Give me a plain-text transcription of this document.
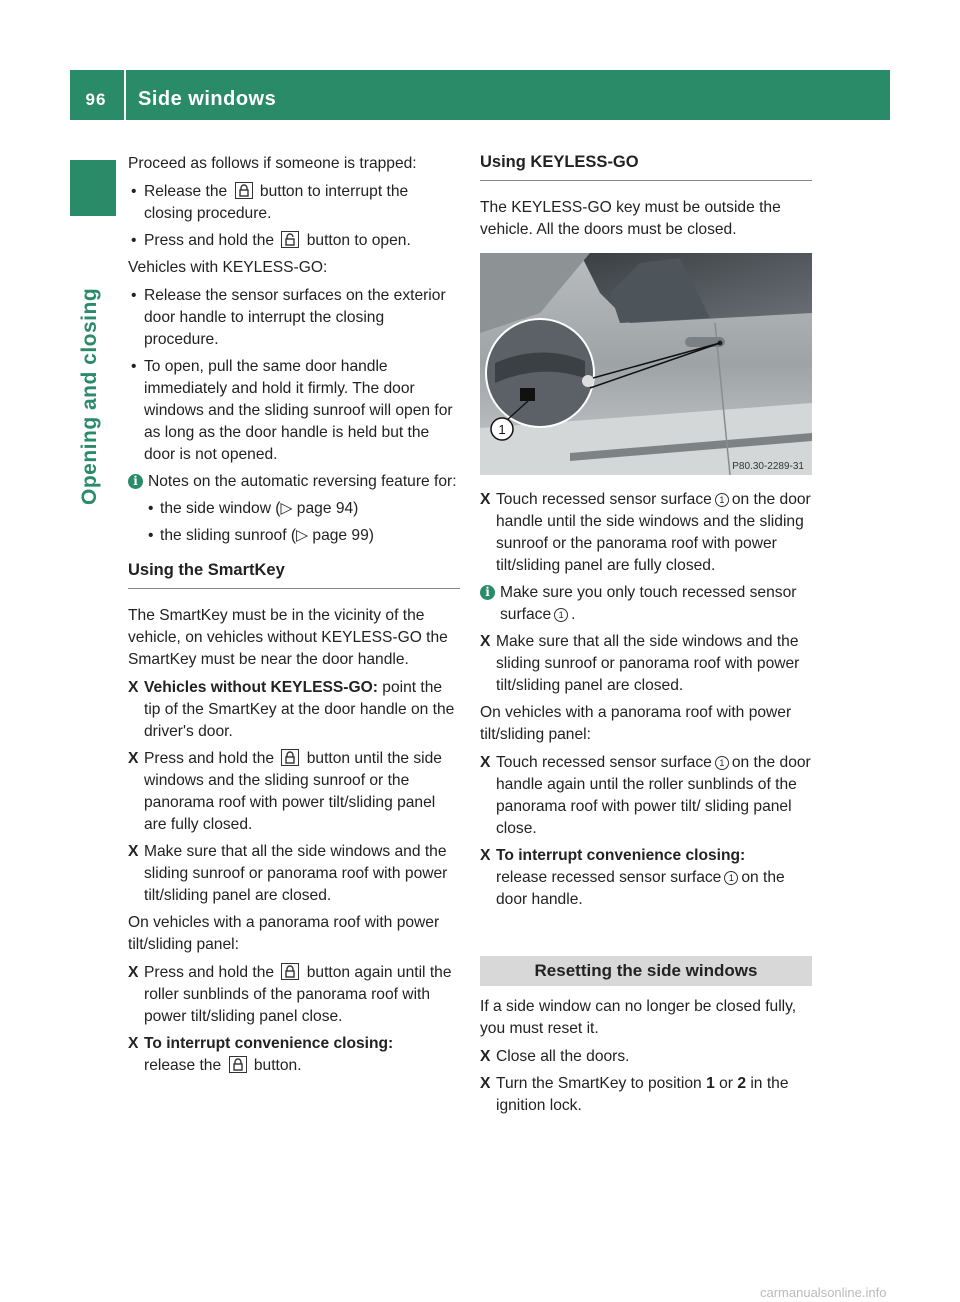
96	Side windows
Opening and closing

Proceed as follows if someone is trapped:

• Release the button to interrupt the closing procedure.
• Press and hold the button to open.

Vehicles with KEYLESS-GO:

• Release the sensor surfaces on the exterior door handle to interrupt the closing procedure.
• To open, pull the same door handle immediately and hold it firmly. The door windows and the sliding sunroof will open for as long as the door handle is held but the door is not opened.
i Notes on the automatic reversing feature for:
• the side window (▷ page 94)
• the sliding sunroof (▷ page 99)
Using the SmartKey

The SmartKey must be in the vicinity of the vehicle, on vehicles without KEYLESS-GO the SmartKey must be near the door handle.

X Vehicles without KEYLESS-GO: point the tip of the SmartKey at the door handle on the driver's door.
X Press and hold the button until the side windows and the sliding sunroof or the panorama roof with power tilt/sliding panel are fully closed.
X Make sure that all the side windows and the sliding sunroof or panorama roof with power tilt/sliding panel are closed.

On vehicles with a panorama roof with power tilt/sliding panel:

X Press and hold the button again until the roller sunblinds of the panorama roof with power tilt/sliding panel close.
X To interrupt convenience closing:
release the button.
Using KEYLESS-GO

The KEYLESS-GO key must be outside the vehicle. All the doors must be closed.

1
P80.30-2289-31
X Touch recessed sensor surface 1 on the door handle until the side windows and the sliding sunroof or the panorama roof with power tilt/sliding panel are fully closed.
i Make sure you only touch recessed sensor surface 1 .
X Make sure that all the side windows and the sliding sunroof or panorama roof with power tilt/sliding panel are closed.

On vehicles with a panorama roof with power tilt/sliding panel:

X Touch recessed sensor surface 1 on the door handle again until the roller sunblinds of the panorama roof with power tilt/ sliding panel close.
X To interrupt convenience closing:
release recessed sensor surface 1 on the door handle.
Resetting the side windows

If a side window can no longer be closed fully, you must reset it.

X Close all the doors.
X Turn the SmartKey to position 1 or 2 in the ignition lock.
carmanualsonline.info
